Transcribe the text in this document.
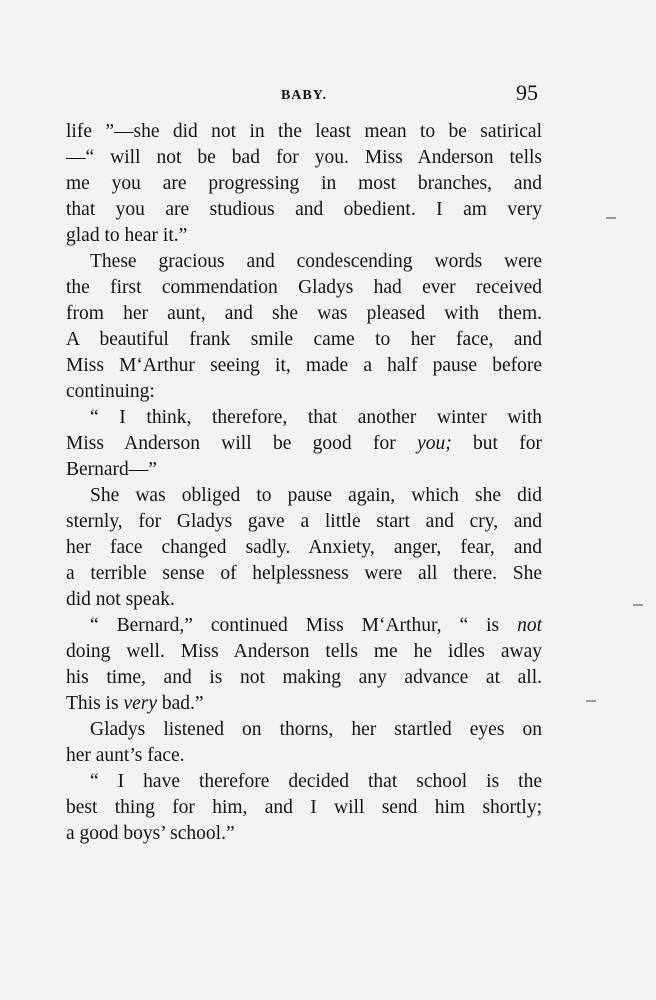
BABY.	95
life ”—she did not in the least mean to be satirical
—“ will not be bad for you. Miss Anderson tells
me you are progressing in most branches, and
that you are studious and obedient. I am very
glad to hear it.”
These gracious and condescending words were
the first commendation Gladys had ever received
from her aunt, and she was pleased with them.
A beautiful frank smile came to her face, and
Miss M‘Arthur seeing it, made a half pause before
continuing:
“ I think, therefore, that another winter with
Miss Anderson will be good for you; but for
Bernard—”
She was obliged to pause again, which she did
sternly, for Gladys gave a little start and cry, and
her face changed sadly. Anxiety, anger, fear, and
a terrible sense of helplessness were all there. She
did not speak.
“ Bernard,” continued Miss M‘Arthur, “ is not
doing well. Miss Anderson tells me he idles away
his time, and is not making any advance at all.
This is very bad.”
Gladys listened on thorns, her startled eyes on
her aunt’s face.
“ I have therefore decided that school is the
best thing for him, and I will send him shortly;
a good boys’ school.”
